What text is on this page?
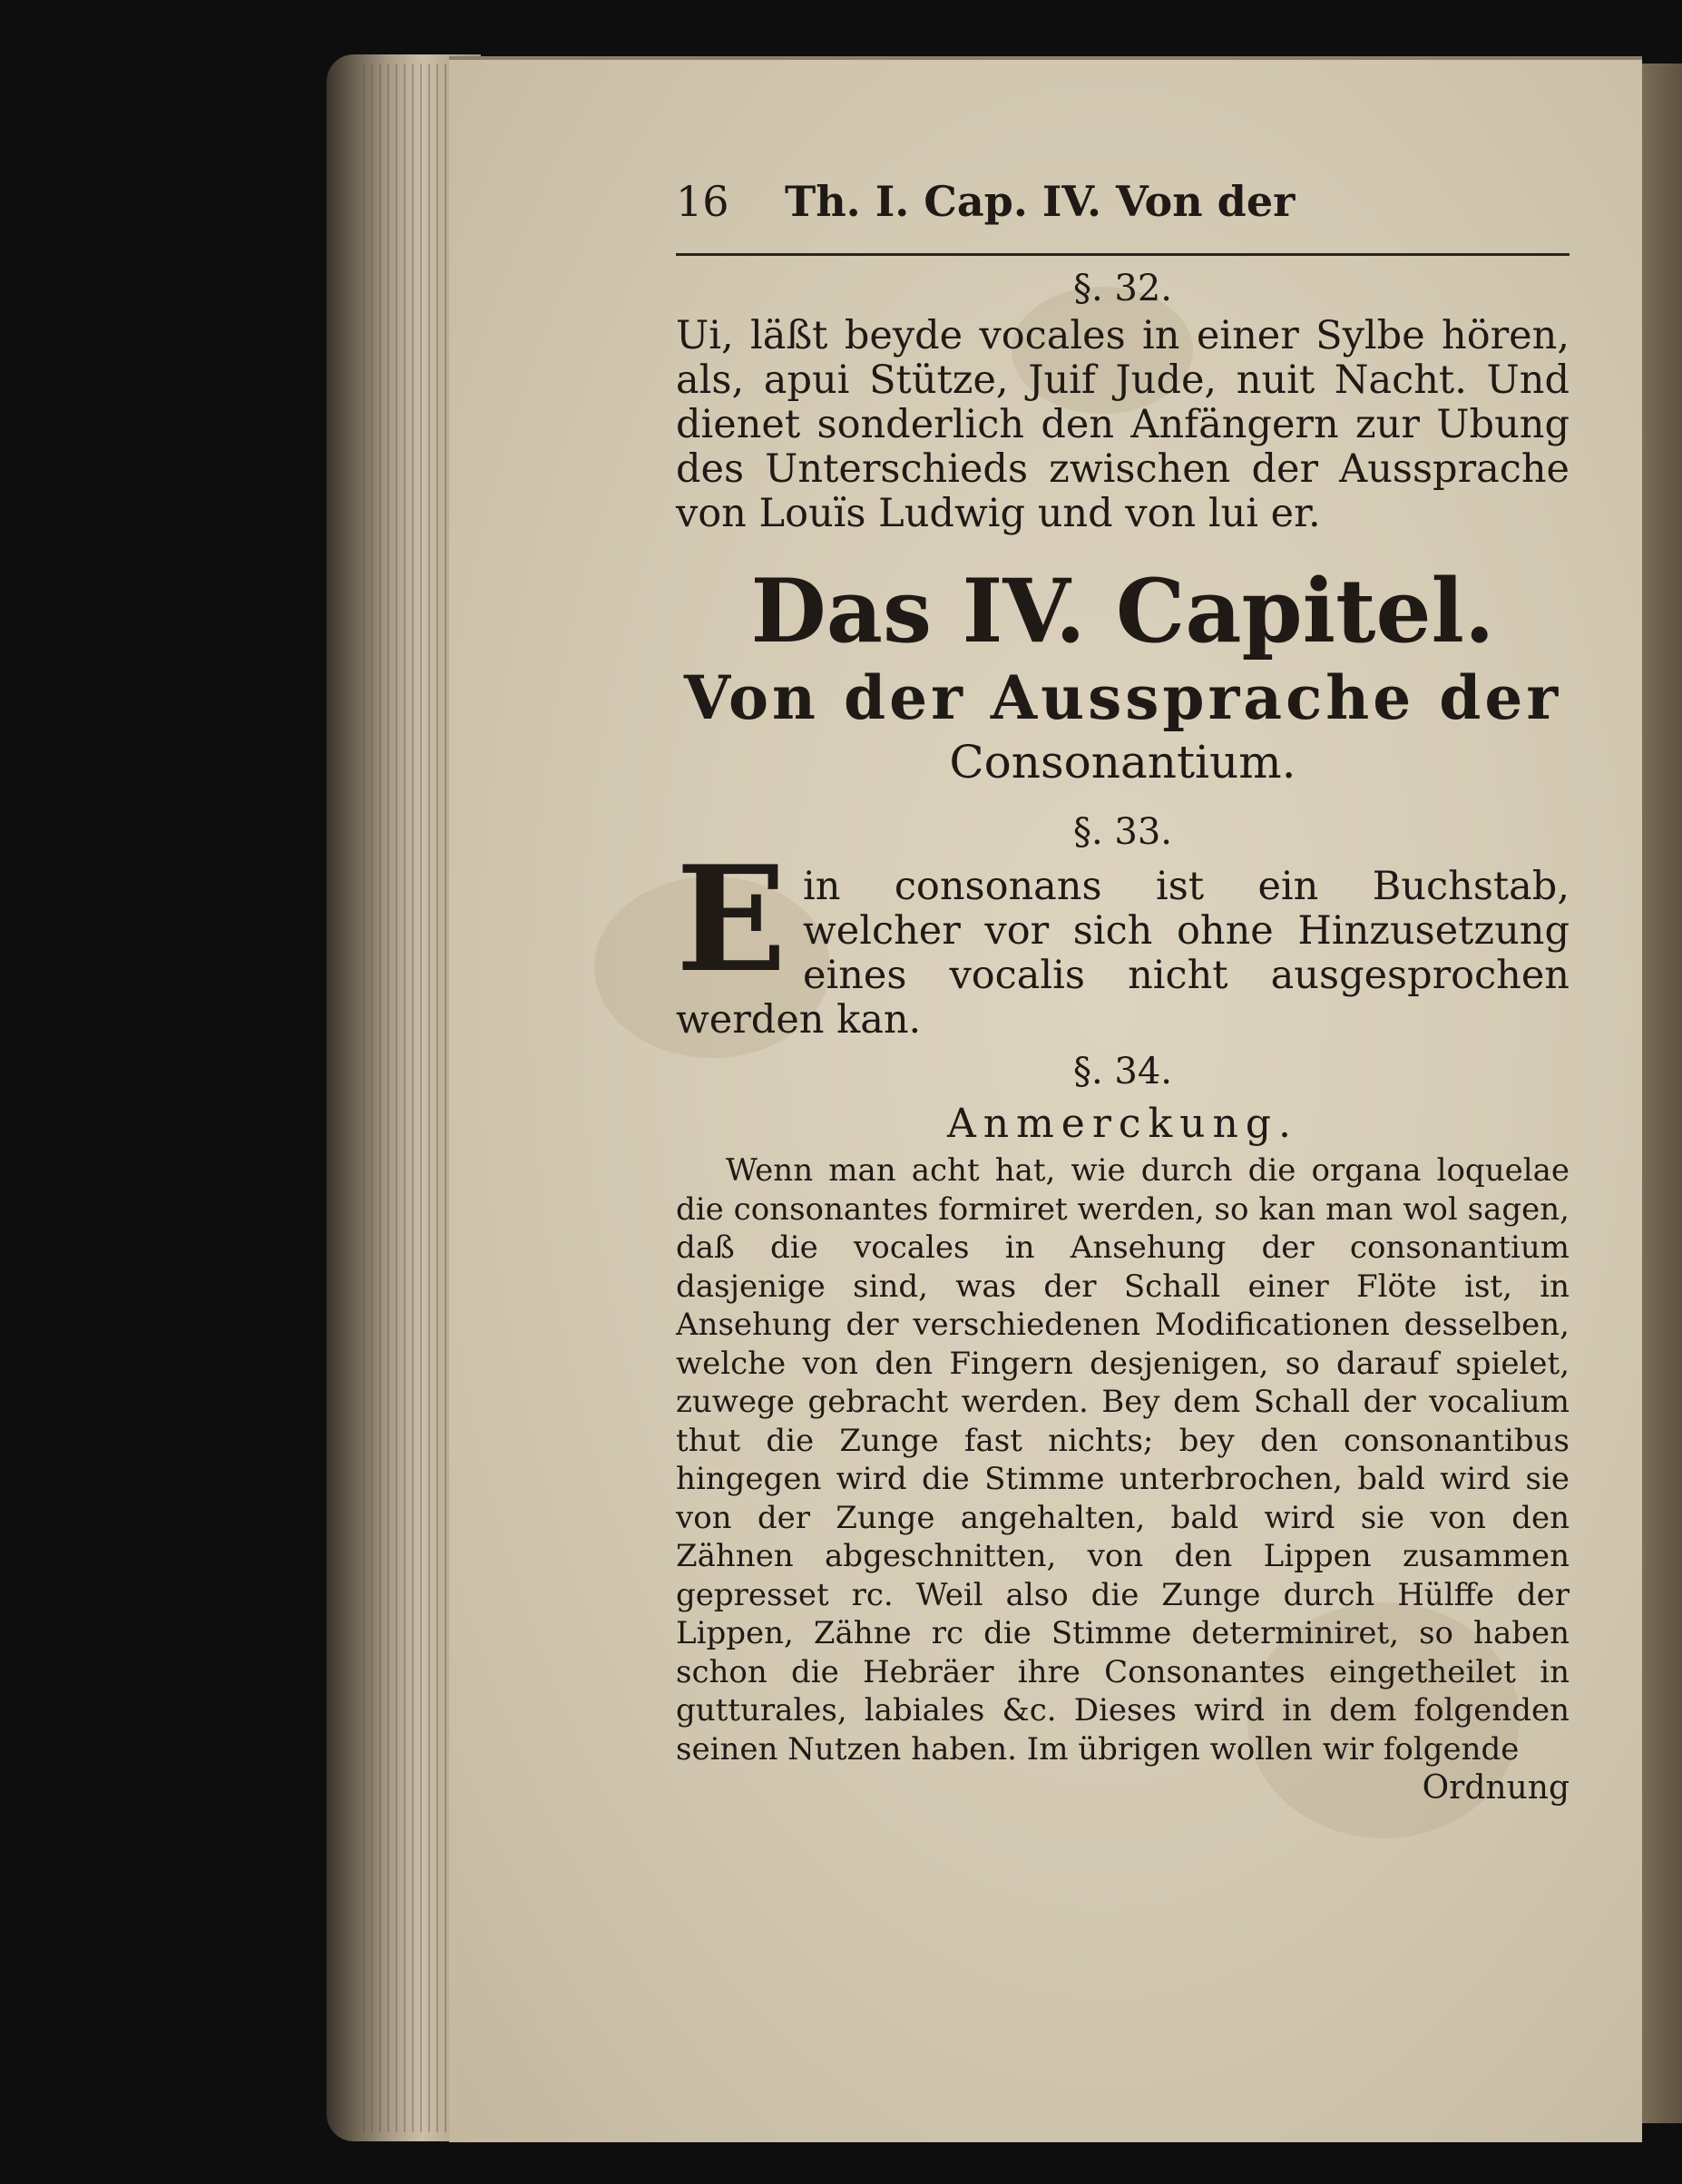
16	Th. I. Cap. IV. Von der
§. 32.
Ui, läßt beyde vocales in einer Sylbe hören, als, apui Stütze, Juif Jude, nuit Nacht. Und dienet sonderlich den Anfängern zur Ubung des Unterschieds zwischen der Aussprache von Louïs Ludwig und von lui er.
Das IV. Capitel.
Von der Aussprache der
Consonantium.
§. 33.
E in consonans ist ein Buchstab, welcher vor sich ohne Hinzusetzung eines vocalis nicht ausgesprochen werden kan.
§. 34.
Anmerckung.
Wenn man acht hat, wie durch die organa loquelae die consonantes formiret werden, so kan man wol sagen, daß die vocales in Ansehung der consonantium dasjenige sind, was der Schall einer Flöte ist, in Ansehung der verschiedenen Modificationen desselben, welche von den Fingern desjenigen, so darauf spielet, zuwege gebracht werden. Bey dem Schall der vocalium thut die Zunge fast nichts; bey den consonantibus hingegen wird die Stimme unterbrochen, bald wird sie von der Zunge angehalten, bald wird sie von den Zähnen abgeschnitten, von den Lippen zusammen gepresset rc. Weil also die Zunge durch Hülffe der Lippen, Zähne rc die Stimme determiniret, so haben schon die Hebräer ihre Consonantes eingetheilet in gutturales, labiales &c. Dieses wird in dem folgenden seinen Nutzen haben. Im übrigen wollen wir folgende
Ordnung
